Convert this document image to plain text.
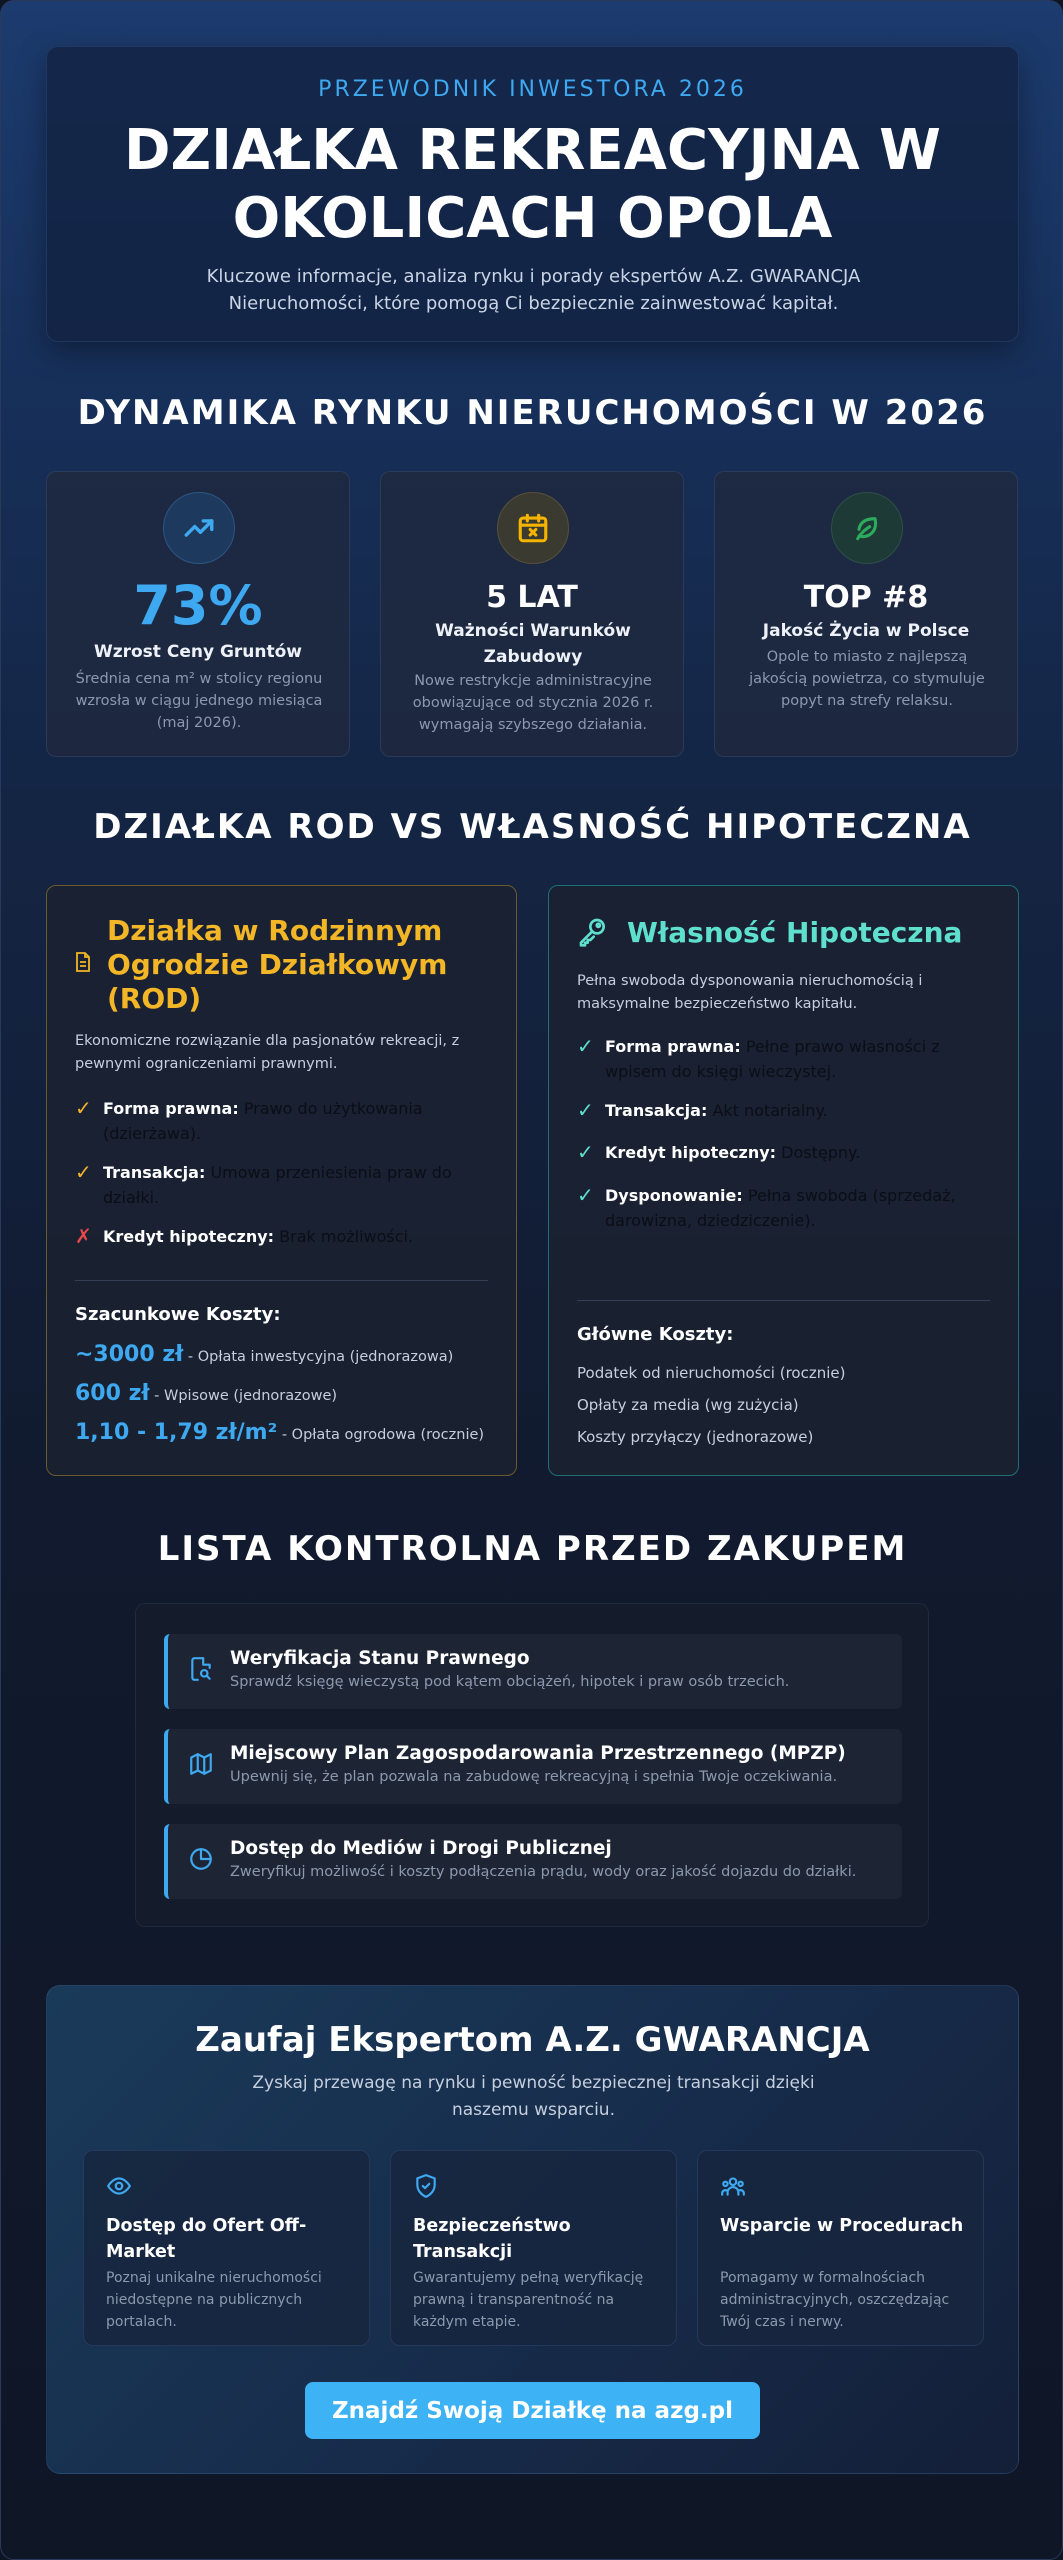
PRZEWODNIK INWESTORA 2026
DZIAŁKA REKREACYJNA W OKOLICACH OPOLA
Kluczowe informacje, analiza rynku i porady ekspertów A.Z. GWARANCJA Nieruchomości, które pomogą Ci bezpiecznie zainwestować kapitał.
DYNAMIKA RYNKU NIERUCHOMOŚCI W 2026
73%
Wzrost Ceny Gruntów
Średnia cena m² w stolicy regionu wzrosła w ciągu jednego miesiąca (maj 2026).
5 LAT
Ważności Warunków Zabudowy
Nowe restrykcje administracyjne obowiązujące od stycznia 2026 r. wymagają szybszego działania.
TOP #8
Jakość Życia w Polsce
Opole to miasto z najlepszą jakością powietrza, co stymuluje popyt na strefy relaksu.
DZIAŁKA ROD VS WŁASNOŚĆ HIPOTECZNA
Działka w Rodzinnym Ogrodzie Działkowym (ROD)
Ekonomiczne rozwiązanie dla pasjonatów rekreacji, z pewnymi ograniczeniami prawnymi.
✓ Forma prawna: Prawo do użytkowania (dzierżawa).
✓ Transakcja: Umowa przeniesienia praw do działki.
✗ Kredyt hipoteczny: Brak możliwości.
Szacunkowe Koszty:
~3000 zł - Opłata inwestycyjna (jednorazowa)
600 zł - Wpisowe (jednorazowe)
1,10 - 1,79 zł/m² - Opłata ogrodowa (rocznie)
Własność Hipoteczna
Pełna swoboda dysponowania nieruchomością i maksymalne bezpieczeństwo kapitału.
✓ Forma prawna: Pełne prawo własności z wpisem do księgi wieczystej.
✓ Transakcja: Akt notarialny.
✓ Kredyt hipoteczny: Dostępny.
✓ Dysponowanie: Pełna swoboda (sprzedaż, darowizna, dziedziczenie).
Główne Koszty:
Podatek od nieruchomości (rocznie)
Opłaty za media (wg zużycia)
Koszty przyłączy (jednorazowe)
LISTA KONTROLNA PRZED ZAKUPEM
Weryfikacja Stanu Prawnego
Sprawdź księgę wieczystą pod kątem obciążeń, hipotek i praw osób trzecich.
Miejscowy Plan Zagospodarowania Przestrzennego (MPZP)
Upewnij się, że plan pozwala na zabudowę rekreacyjną i spełnia Twoje oczekiwania.
Dostęp do Mediów i Drogi Publicznej
Zweryfikuj możliwość i koszty podłączenia prądu, wody oraz jakość dojazdu do działki.
Zaufaj Ekspertom A.Z. GWARANCJA
Zyskaj przewagę na rynku i pewność bezpiecznej transakcji dzięki naszemu wsparciu.
Dostęp do Ofert Off-Market
Poznaj unikalne nieruchomości niedostępne na publicznych portalach.
Bezpieczeństwo Transakcji
Gwarantujemy pełną weryfikację prawną i transparentność na każdym etapie.
Wsparcie w Procedurach
Pomagamy w formalnościach administracyjnych, oszczędzając Twój czas i nerwy.
Znajdź Swoją Działkę na azg.pl
